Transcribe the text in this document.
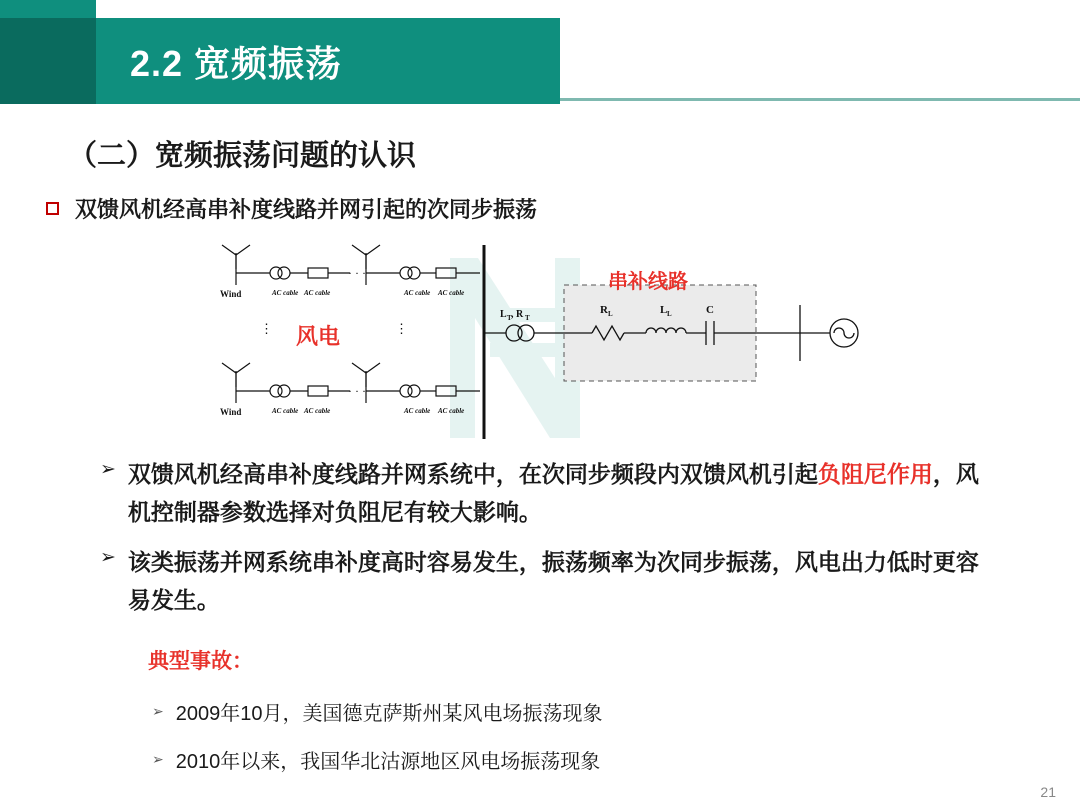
2.2 宽频振荡
（二）宽频振荡问题的认识
双馈风机经高串补度线路并网引起的次同步振荡
Wind	AC cable AC cable	AC cable AC cable
· · ·
Wind	AC cable AC cable	AC cable AC cable
· · ·
⋮	⋮
L T , R T
R L	L L	C
风电
串补线路
➢ 双馈风机经高串补度线路并网系统中，在次同步频段内双馈风机引起负阻尼作用，风机控制器参数选择对负阻尼有较大影响。
➢ 该类振荡并网系统串补度高时容易发生，振荡频率为次同步振荡，风电出力低时更容易发生。
典型事故：
➢ 2009年10月，美国德克萨斯州某风电场振荡现象
➢ 2010年以来，我国华北沽源地区风电场振荡现象
21
